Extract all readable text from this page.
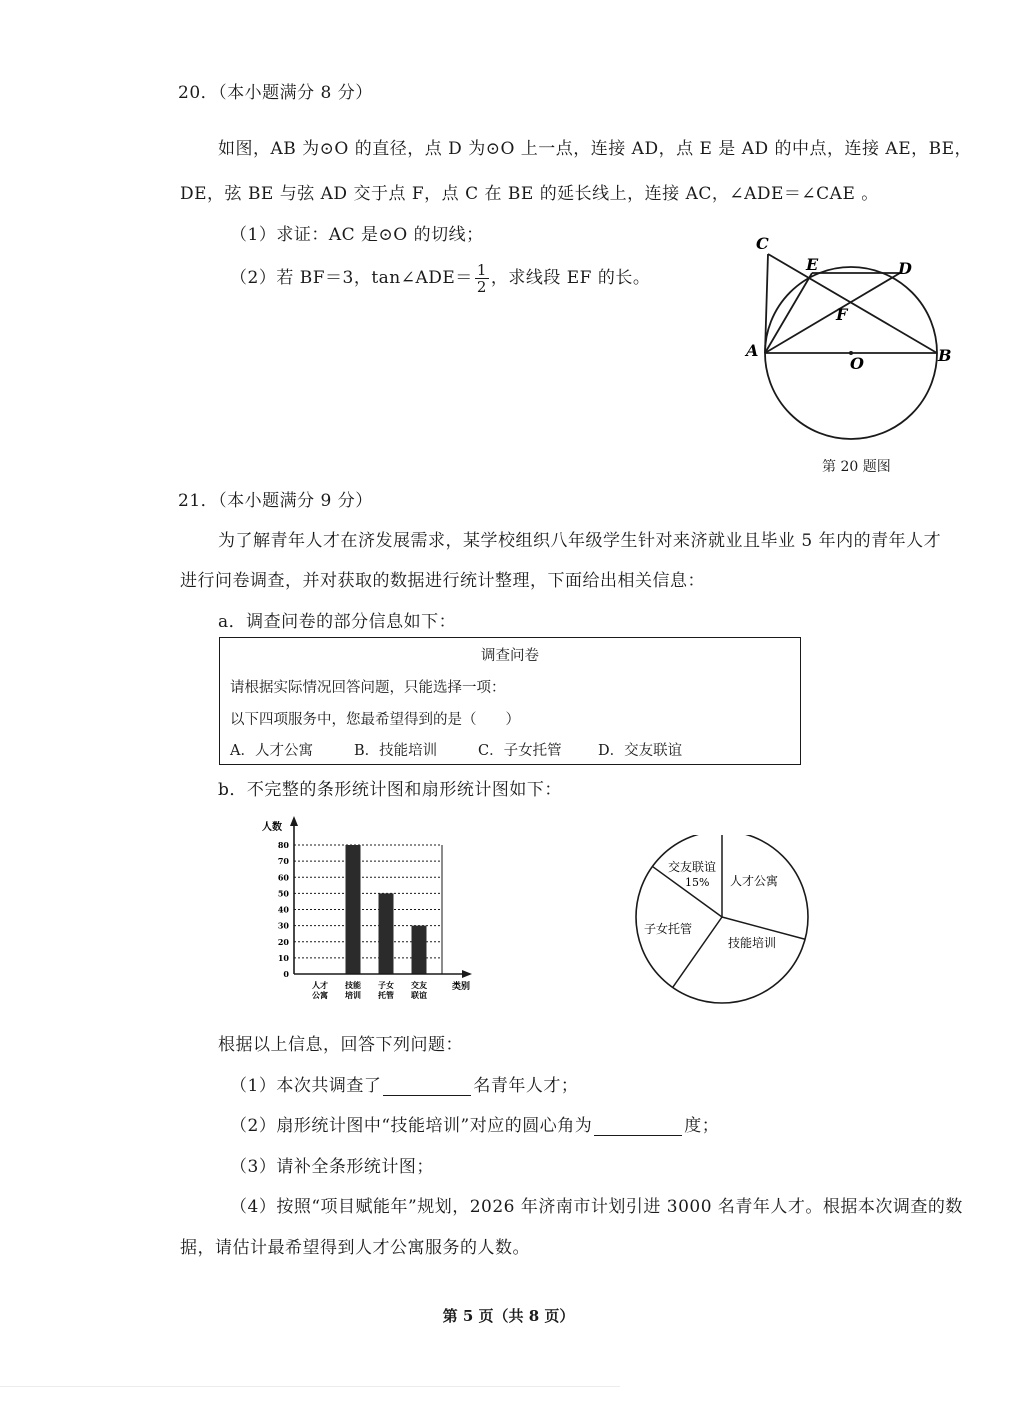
20．（本小题满分 8 分）
如图，AB 为⊙O 的直径，点 D 为⊙O 上一点，连接 AD，点 E 是 AD 的中点，连接 AE，BE，
DE，弦 BE 与弦 AD 交于点 F，点 C 在 BE 的延长线上，连接 AC，∠ADE＝∠CAE 。
（1）求证：AC 是⊙O 的切线；
（2）若 BF＝3，tan∠ADE＝ $\frac{1}{2}$ ，求线段 EF 的长。
C
E	D
F
A
O	B
第 20 题图
21．（本小题满分 9 分）
为了解青年人才在济发展需求，某学校组织八年级学生针对来济就业且毕业 5 年内的青年人才
进行问卷调查，并对获取的数据进行统计整理，下面给出相关信息：
a．调查问卷的部分信息如下：
调查问卷
请根据实际情况回答问题，只能选择一项：
以下四项服务中，您最希望得到的是（　　）
A．人才公寓	B．技能培训	C．子女托管	D．交友联谊
b．不完整的条形统计图和扇形统计图如下：
0
10
20
30
40
50
60
70
80
人才
公寓
技能
培训
子女
托管
交友
联谊
人数
类别
交友联谊
15% 人才公寓
技能培训
子女托管
根据以上信息，回答下列问题：
（1）本次共调查了	名青年人才；
（2）扇形统计图中“技能培训”对应的圆心角为	度；
（3）请补全条形统计图；
（4）按照“项目赋能年”规划，2026 年济南市计划引进 3000 名青年人才。根据本次调查的数
据，请估计最希望得到人才公寓服务的人数。
第 5 页（共 8 页）
